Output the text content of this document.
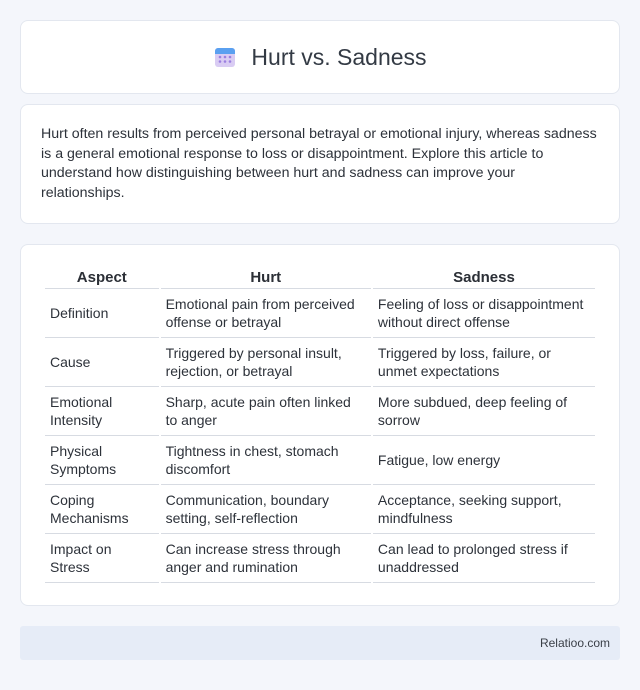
Hurt vs. Sadness

Hurt often results from perceived personal betrayal or emotional injury, whereas sadness is a general emotional response to loss or disappointment. Explore this article to understand how distinguishing between hurt and sadness can improve your relationships.

Aspect	Hurt	Sadness
Definition	Emotional pain from perceived offense or betrayal	Feeling of loss or disappointment without direct offense
Cause	Triggered by personal insult, rejection, or betrayal	Triggered by loss, failure, or unmet expectations
Emotional Intensity	Sharp, acute pain often linked to anger	More subdued, deep feeling of sorrow
Physical Symptoms	Tightness in chest, stomach discomfort	Fatigue, low energy
Coping Mechanisms	Communication, boundary setting, self-reflection	Acceptance, seeking support, mindfulness
Impact on Stress	Can increase stress through anger and rumination	Can lead to prolonged stress if unaddressed
Relatioo.com
